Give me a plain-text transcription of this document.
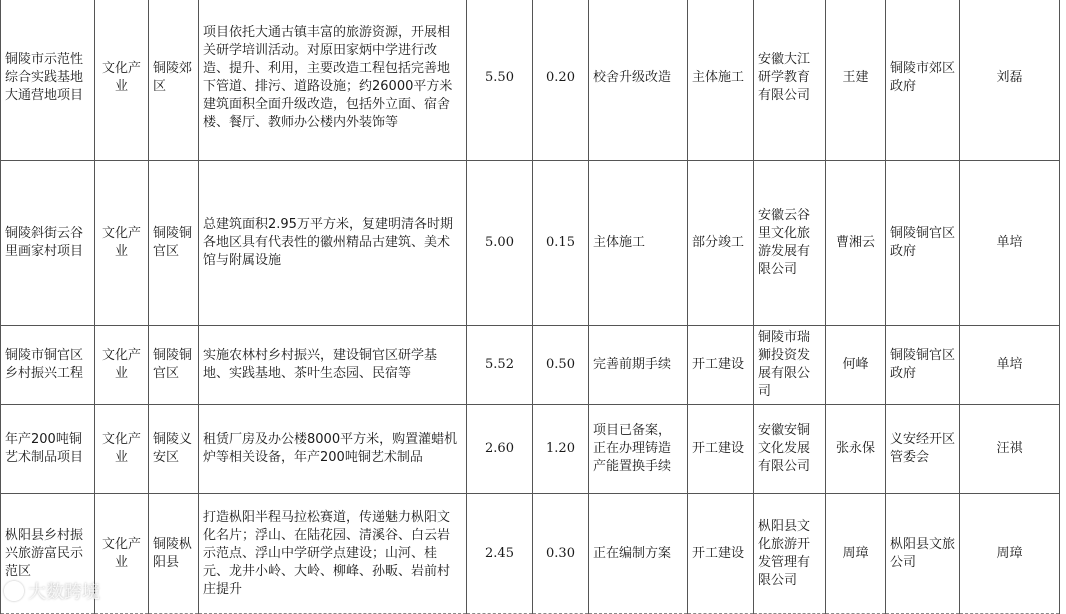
铜陵市示范性综合实践基地大通营地项目	文化产业	铜陵郊区	项目依托大通古镇丰富的旅游资源，开展相关研学培训活动。对原田家炳中学进行改造、提升、利用，主要改造工程包括完善地下管道、排污、道路设施；约26000平方米建筑面积全面升级改造，包括外立面、宿舍楼、餐厅、教师办公楼内外装饰等	5.50	0.20	校舍升级改造	主体施工	安徽大江研学教育有限公司	王建	铜陵市郊区政府	刘磊
铜陵斜街云谷里画家村项目	文化产业	铜陵铜官区	总建筑面积2.95万平方米，复建明清各时期各地区具有代表性的徽州精品古建筑、美术馆与附属设施	5.00	0.15	主体施工	部分竣工	安徽云谷里文化旅游发展有限公司	曹湘云	铜陵铜官区政府	单培
铜陵市铜官区乡村振兴工程	文化产业	铜陵铜官区	实施农林村乡村振兴，建设铜官区研学基地、实践基地、茶叶生态园、民宿等	5.52	0.50	完善前期手续	开工建设	铜陵市瑞狮投资发展有限公司	何峰	铜陵铜官区政府	单培
年产200吨铜艺术制品项目	文化产业	铜陵义安区	租赁厂房及办公楼8000平方米，购置灌蜡机炉等相关设备，年产200吨铜艺术制品	2.60	1.20	项目已备案，正在办理铸造产能置换手续	开工建设	安徽安铜文化发展有限公司	张永保	义安经开区管委会	汪祺
枞阳县乡村振兴旅游富民示范区	文化产业	铜陵枞阳县	打造枞阳半程马拉松赛道，传递魅力枞阳文化名片；浮山、在陆花园、清溪谷、白云岩示范点、浮山中学研学点建设；山河、桂元、龙井小岭、大岭、柳峰、孙畈、岩前村庄提升	2.45	0.30	正在编制方案	开工建设	枞阳县文化旅游开发管理有限公司	周璋	枞阳县文旅公司	周璋
大数跨境
